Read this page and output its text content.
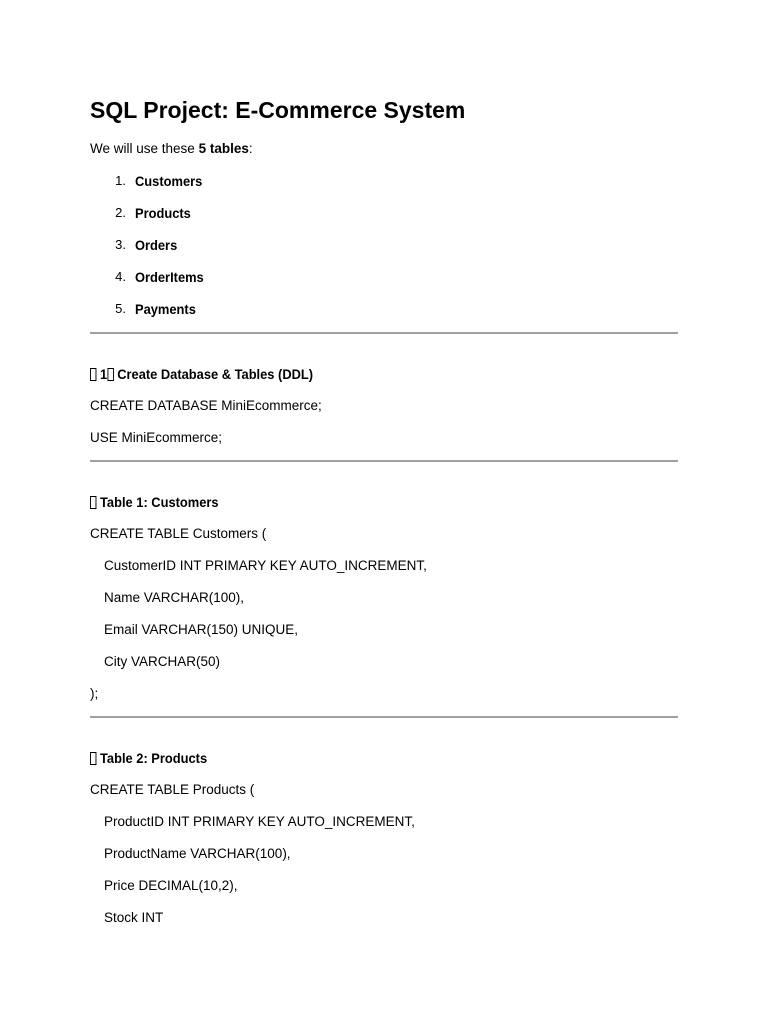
SQL Project: E-Commerce System
We will use these 5 tables:
1. Customers
2. Products
3. Orders
4. OrderItems
5. Payments
1 Create Database & Tables (DDL)
CREATE DATABASE MiniEcommerce;
USE MiniEcommerce;
Table 1: Customers
CREATE TABLE Customers (
CustomerID INT PRIMARY KEY AUTO_INCREMENT,
Name VARCHAR(100),
Email VARCHAR(150) UNIQUE,
City VARCHAR(50)
);
Table 2: Products
CREATE TABLE Products (
ProductID INT PRIMARY KEY AUTO_INCREMENT,
ProductName VARCHAR(100),
Price DECIMAL(10,2),
Stock INT
